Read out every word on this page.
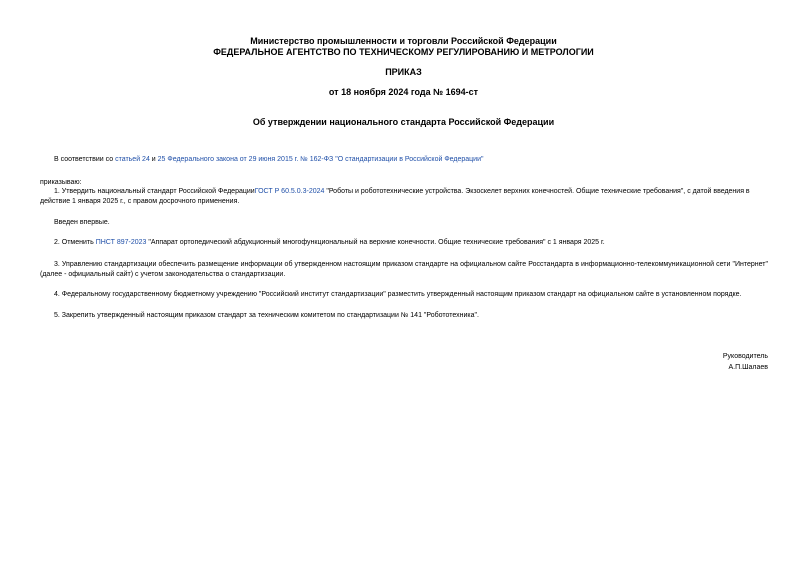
Министерство промышленности и торговли Российской Федерации
ФЕДЕРАЛЬНОЕ АГЕНТСТВО ПО ТЕХНИЧЕСКОМУ РЕГУЛИРОВАНИЮ И МЕТРОЛОГИИ
ПРИКАЗ
от 18 ноября 2024 года № 1694-ст
Об утверждении национального стандарта Российской Федерации
В соответствии со статьей 24 и 25 Федерального закона от 29 июня 2015 г. № 162-ФЗ "О стандартизации в Российской Федерации"
приказываю:
1. Утвердить национальный стандарт Российской ФедерацииГОСТ Р 60.5.0.3-2024 "Роботы и робототехнические устройства. Экзоскелет верхних конечностей. Общие технические требования", с датой введения в действие 1 января 2025 г., с правом досрочного применения.
Введен впервые.
2. Отменить ПНСТ 897-2023 "Аппарат ортопедический абдукционный многофункциональный на верхние конечности. Общие технические требования" с 1 января 2025 г.
3. Управлению стандартизации обеспечить размещение информации об утвержденном настоящим приказом стандарте на официальном сайте Росстандарта в информационно-телекоммуникационной сети "Интернет" (далее - официальный сайт) с учетом законодательства о стандартизации.
4. Федеральному государственному бюджетному учреждению "Российский институт стандартизации" разместить утвержденный настоящим приказом стандарт на официальном сайте в установленном порядке.
5. Закрепить утвержденный настоящим приказом стандарт за техническим комитетом по стандартизации № 141 "Робототехника".
Руководитель
А.П.Шалаев
